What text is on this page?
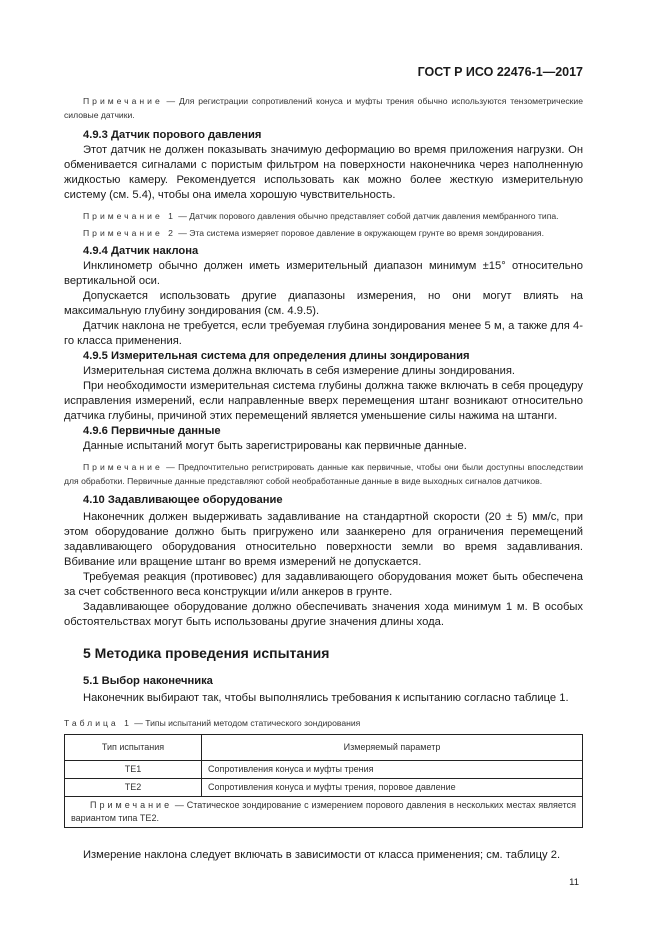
ГОСТ Р ИСО 22476-1—2017

Примечание — Для регистрации сопротивлений конуса и муфты трения обычно используются тензометрические силовые датчики.

4.9.3 Датчик порового давления

Этот датчик не должен показывать значимую деформацию во время приложения нагрузки. Он обменивается сигналами с пористым фильтром на поверхности наконечника через наполненную жидкостью камеру. Рекомендуется использовать как можно более жесткую измерительную систему (см. 5.4), чтобы она имела хорошую чувствительность.

Примечание 1 — Датчик порового давления обычно представляет собой датчик давления мембранного типа.

Примечание 2 — Эта система измеряет поровое давление в окружающем грунте во время зондирования.

4.9.4 Датчик наклона

Инклинометр обычно должен иметь измерительный диапазон минимум ±15° относительно вертикальной оси.

Допускается использовать другие диапазоны измерения, но они могут влиять на максимальную глубину зондирования (см. 4.9.5).

Датчик наклона не требуется, если требуемая глубина зондирования менее 5 м, а также для 4-го класса применения.

4.9.5 Измерительная система для определения длины зондирования

Измерительная система должна включать в себя измерение длины зондирования.

При необходимости измерительная система глубины должна также включать в себя процедуру исправления измерений, если направленные вверх перемещения штанг возникают относительно датчика глубины, причиной этих перемещений является уменьшение силы нажима на штанги.

4.9.6 Первичные данные

Данные испытаний могут быть зарегистрированы как первичные данные.

Примечание — Предпочтительно регистрировать данные как первичные, чтобы они были доступны впоследствии для обработки. Первичные данные представляют собой необработанные данные в виде выходных сигналов датчиков.

4.10 Задавливающее оборудование

Наконечник должен выдерживать задавливание на стандартной скорости (20 ± 5) мм/с, при этом оборудование должно быть пригружено или заанкерено для ограничения перемещений задавливающего оборудования относительно поверхности земли во время задавливания. Вбивание или вращение штанг во время измерений не допускается.

Требуемая реакция (противовес) для задавливающего оборудования может быть обеспечена за счет собственного веса конструкции и/или анкеров в грунте.

Задавливающее оборудование должно обеспечивать значения хода минимум 1 м. В особых обстоятельствах могут быть использованы другие значения длины хода.

5 Методика проведения испытания

5.1 Выбор наконечника

Наконечник выбирают так, чтобы выполнялись требования к испытанию согласно таблице 1.

Таблица 1 — Типы испытаний методом статического зондирования
Тип испытания	Измеряемый параметр
TE1	Сопротивления конуса и муфты трения
TE2	Сопротивления конуса и муфты трения, поровое давление
Примечание — Статическое зондирование с измерением порового давления в нескольких местах является вариантом типа TE2.	

Измерение наклона следует включать в зависимости от класса применения; см. таблицу 2.

11
